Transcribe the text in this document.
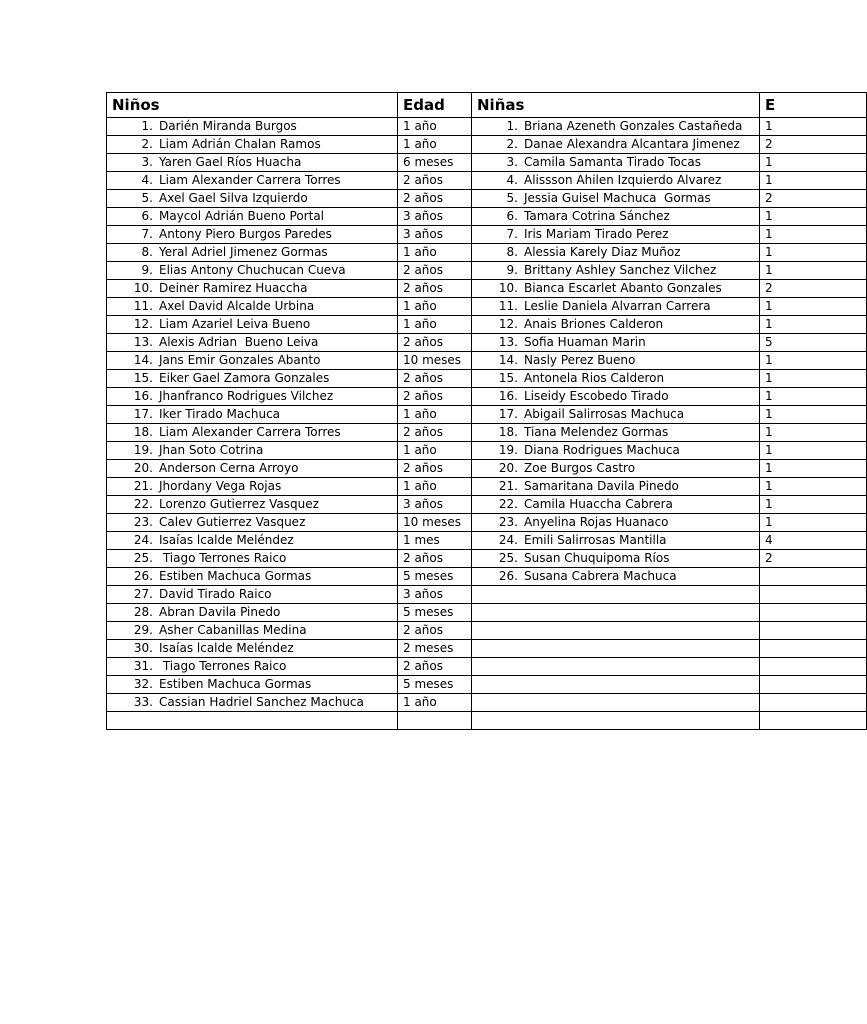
Niños	Edad	Niñas	E
1. Darién Miranda Burgos	1 año	1. Briana Azeneth Gonzales Castañeda	1
2. Liam Adrián Chalan Ramos	1 año	2. Danae Alexandra Alcantara Jimenez	2
3. Yaren Gael Ríos Huacha	6 meses	3. Camila Samanta Tirado Tocas	1
4. Liam Alexander Carrera Torres	2 años	4. Alissson Ahilen Izquierdo Alvarez	1
5. Axel Gael Silva Izquierdo	2 años	5. Jessia Guisel Machuca  Gormas	2
6. Maycol Adrián Bueno Portal	3 años	6. Tamara Cotrina Sánchez	1
7. Antony Piero Burgos Paredes	3 años	7. Iris Mariam Tirado Perez	1
8. Yeral Adriel Jimenez Gormas	1 año	8. Alessia Karely Diaz Muñoz	1
9. Elias Antony Chuchucan Cueva	2 años	9. Brittany Ashley Sanchez Vilchez	1
10. Deiner Ramirez Huaccha	2 años	10. Bianca Escarlet Abanto Gonzales	2
11. Axel David Alcalde Urbina	1 año	11. Leslie Daniela Alvarran Carrera	1
12. Liam Azariel Leiva Bueno	1 año	12. Anais Briones Calderon	1
13. Alexis Adrian  Bueno Leiva	2 años	13. Sofia Huaman Marin	5
14. Jans Emir Gonzales Abanto	10 meses	14. Nasly Perez Bueno	1
15. Eiker Gael Zamora Gonzales	2 años	15. Antonela Rios Calderon	1
16. Jhanfranco Rodrigues Vilchez	2 años	16. Liseidy Escobedo Tirado	1
17. Iker Tirado Machuca	1 año	17. Abigail Salirrosas Machuca	1
18. Liam Alexander Carrera Torres	2 años	18. Tiana Melendez Gormas	1
19. Jhan Soto Cotrina	1 año	19. Diana Rodrigues Machuca	1
20. Anderson Cerna Arroyo	2 años	20. Zoe Burgos Castro	1
21. Jhordany Vega Rojas	1 año	21. Samaritana Davila Pinedo	1
22. Lorenzo Gutierrez Vasquez	3 años	22. Camila Huaccha Cabrera	1
23. Calev Gutierrez Vasquez	10 meses	23. Anyelina Rojas Huanaco	1
24. Isaías lcalde Meléndez	1 mes	24. Emili Salirrosas Mantilla	4
25. Tiago Terrones Raico	2 años	25. Susan Chuquipoma Ríos	2
26. Estiben Machuca Gormas	5 meses	26. Susana Cabrera Machuca	
27. David Tirado Raico	3 años		
28. Abran Davila Pinedo	5 meses		
29. Asher Cabanillas Medina	2 años		
30. Isaías lcalde Meléndez	2 meses		
31. Tiago Terrones Raico	2 años		
32. Estiben Machuca Gormas	5 meses		
33. Cassian Hadriel Sanchez Machuca	1 año		
